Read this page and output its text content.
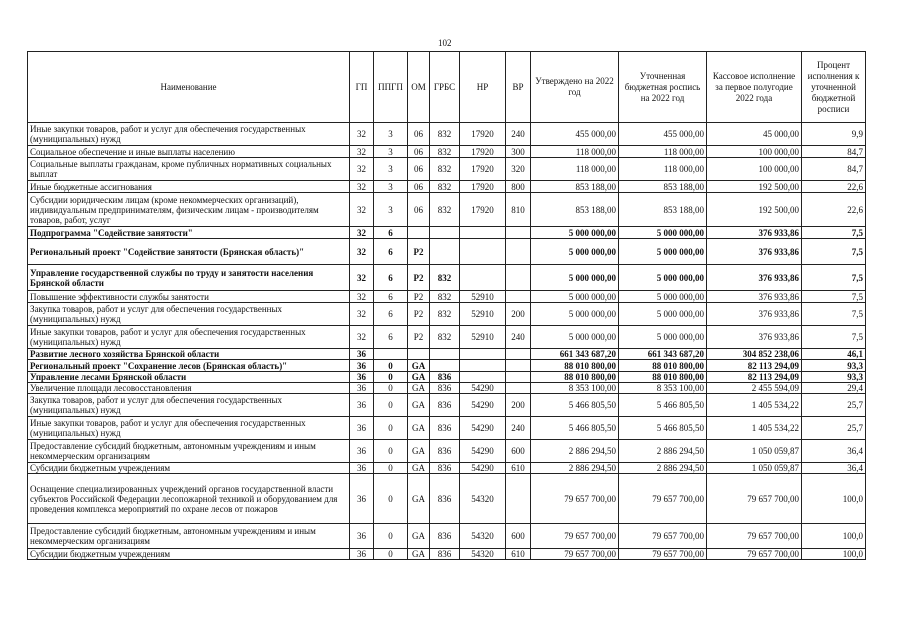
102
Наименование	ГП	ППГП	ОМ	ГРБС	НР	ВР	Утверждено на 2022 год	Уточненная бюджетная роспись на 2022 год	Кассовое исполнение за первое полугодие 2022 года	Процент исполнения к уточненной бюджетной росписи
Иные закупки товаров, работ и услуг для обеспечения государственных (муниципальных) нужд	32	3	06	832	17920	240	455 000,00	455 000,00	45 000,00	9,9
Социальное обеспечение и иные выплаты населению	32	3	06	832	17920	300	118 000,00	118 000,00	100 000,00	84,7
Социальные выплаты гражданам, кроме публичных нормативных социальных выплат	32	3	06	832	17920	320	118 000,00	118 000,00	100 000,00	84,7
Иные бюджетные ассигнования	32	3	06	832	17920	800	853 188,00	853 188,00	192 500,00	22,6
Субсидии юридическим лицам (кроме некоммерческих организаций), индивидуальным предпринимателям, физическим лицам - производителям товаров, работ, услуг	32	3	06	832	17920	810	853 188,00	853 188,00	192 500,00	22,6
Подпрограмма "Содействие занятости"	32	6					5 000 000,00	5 000 000,00	376 933,86	7,5
Региональный проект "Содействие занятости (Брянская область)"	32	6	P2				5 000 000,00	5 000 000,00	376 933,86	7,5
Управление государственной службы по труду и занятости населения Брянской области	32	6	P2	832			5 000 000,00	5 000 000,00	376 933,86	7,5
Повышение эффективности службы занятости	32	6	P2	832	52910		5 000 000,00	5 000 000,00	376 933,86	7,5
Закупка товаров, работ и услуг для обеспечения государственных (муниципальных) нужд	32	6	P2	832	52910	200	5 000 000,00	5 000 000,00	376 933,86	7,5
Иные закупки товаров, работ и услуг для обеспечения государственных (муниципальных) нужд	32	6	P2	832	52910	240	5 000 000,00	5 000 000,00	376 933,86	7,5
Развитие лесного хозяйства Брянской области	36						661 343 687,20	661 343 687,20	304 852 238,06	46,1
Региональный проект "Сохранение лесов (Брянская область)"	36	0	GA				88 010 800,00	88 010 800,00	82 113 294,09	93,3
Управление лесами Брянской области	36	0	GA	836			88 010 800,00	88 010 800,00	82 113 294,09	93,3
Увеличение площади лесовосстановления	36	0	GA	836	54290		8 353 100,00	8 353 100,00	2 455 594,09	29,4
Закупка товаров, работ и услуг для обеспечения государственных (муниципальных) нужд	36	0	GA	836	54290	200	5 466 805,50	5 466 805,50	1 405 534,22	25,7
Иные закупки товаров, работ и услуг для обеспечения государственных (муниципальных) нужд	36	0	GA	836	54290	240	5 466 805,50	5 466 805,50	1 405 534,22	25,7
Предоставление субсидий бюджетным, автономным учреждениям и иным некоммерческим организациям	36	0	GA	836	54290	600	2 886 294,50	2 886 294,50	1 050 059,87	36,4
Субсидии бюджетным учреждениям	36	0	GA	836	54290	610	2 886 294,50	2 886 294,50	1 050 059,87	36,4
Оснащение специализированных учреждений органов государственной власти субъектов Российской Федерации лесопожарной техникой и оборудованием для проведения комплекса мероприятий по охране лесов от пожаров	36	0	GA	836	54320		79 657 700,00	79 657 700,00	79 657 700,00	100,0
Предоставление субсидий бюджетным, автономным учреждениям и иным некоммерческим организациям	36	0	GA	836	54320	600	79 657 700,00	79 657 700,00	79 657 700,00	100,0
Субсидии бюджетным учреждениям	36	0	GA	836	54320	610	79 657 700,00	79 657 700,00	79 657 700,00	100,0
